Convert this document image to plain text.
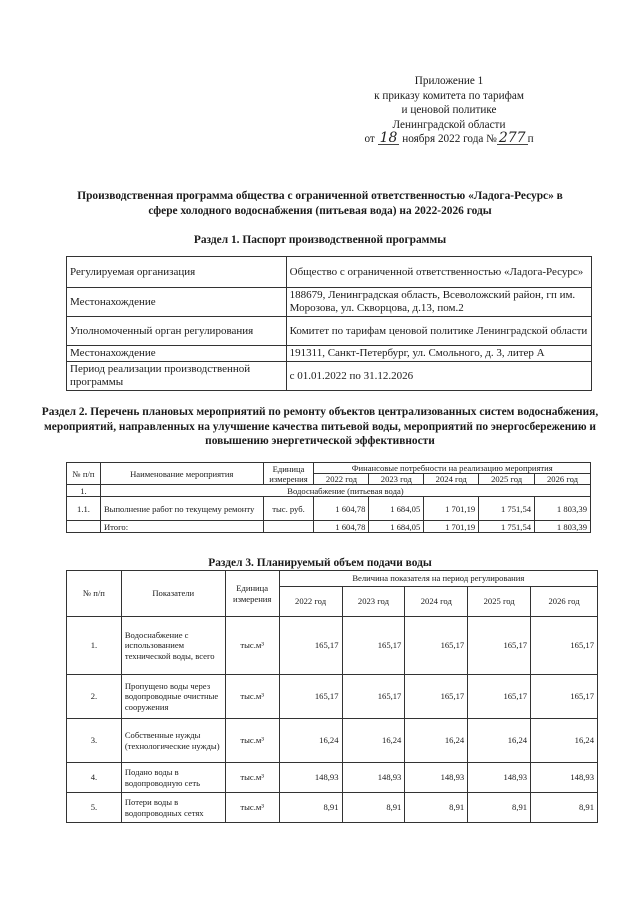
Приложение 1
к приказу комитета по тарифам
и ценовой политике
Ленинградской области
от 18 ноября 2022 года № 277 п
Производственная программа общества с ограниченной ответственностью «Ладога-Ресурс» в сфере холодного водоснабжения (питьевая вода) на 2022-2026 годы
Раздел 1. Паспорт производственной программы
Регулируемая организация	Общество с ограниченной ответственностью «Ладога-Ресурс»
Местонахождение	188679, Ленинградская область, Всеволожский район, гп им. Морозова, ул. Скворцова, д.13, пом.2
Уполномоченный орган регулирования	Комитет по тарифам ценовой политике Ленинградской области
Местонахождение	191311, Санкт-Петербург, ул. Смольного, д. 3, литер А
Период реализации производственной программы	с 01.01.2022 по 31.12.2026
Раздел 2. Перечень плановых мероприятий по ремонту объектов централизованных систем водоснабжения, мероприятий, направленных на улучшение качества питьевой воды, мероприятий по энергосбережению и повышению энергетической эффективности
№ п/п	Наименование мероприятия	Единица измерения	Финансовые потребности на реализацию мероприятия				
			2022 год	2023 год	2024 год	2025 год	2026 год
1.	Водоснабжение (питьевая вода)						
1.1.	Выполнение работ по текущему ремонту	тыс. руб.	1 604,78	1 684,05	1 701,19	1 751,54	1 803,39
	Итого:		1 604,78	1 684,05	1 701,19	1 751,54	1 803,39
Раздел 3. Планируемый объем подачи воды
№ п/п	Показатели	Единица измерения	Величина показателя на период регулирования				
			2022 год	2023 год	2024 год	2025 год	2026 год
1.	Водоснабжение с использованием технической воды, всего	тыс.м³	165,17	165,17	165,17	165,17	165,17
2.	Пропущено воды через водопроводные очистные сооружения	тыс.м³	165,17	165,17	165,17	165,17	165,17
3.	Собственные нужды (технологические нужды)	тыс.м³	16,24	16,24	16,24	16,24	16,24
4.	Подано воды в водопроводную сеть	тыс.м³	148,93	148,93	148,93	148,93	148,93
5.	Потери воды в водопроводных сетях	тыс.м³	8,91	8,91	8,91	8,91	8,91
